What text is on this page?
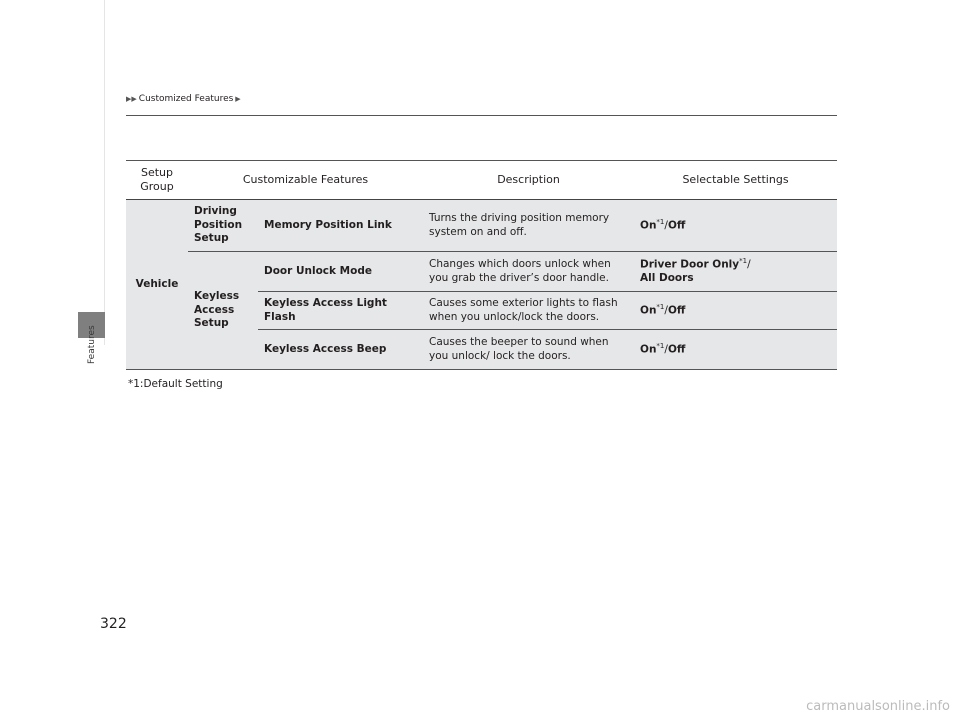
Features
▶▶ Customized Features ▶
Setup Group	Customizable Features		Description	Selectable Settings
Vehicle	Driving Position Setup	Memory Position Link	Turns the driving position memory system on and off.	On$^{*1}$/Off
	Keyless Access Setup	Door Unlock Mode	Changes which doors unlock when you grab the driver’s door handle.	Driver Door Only$^{*1}$/
All Doors
		Keyless Access Light Flash	Causes some exterior lights to flash when you unlock/lock the doors.	On$^{*1}$/Off
		Keyless Access Beep	Causes the beeper to sound when you unlock/ lock the doors.	On$^{*1}$/Off
*1:Default Setting
322
carmanualsonline.info
